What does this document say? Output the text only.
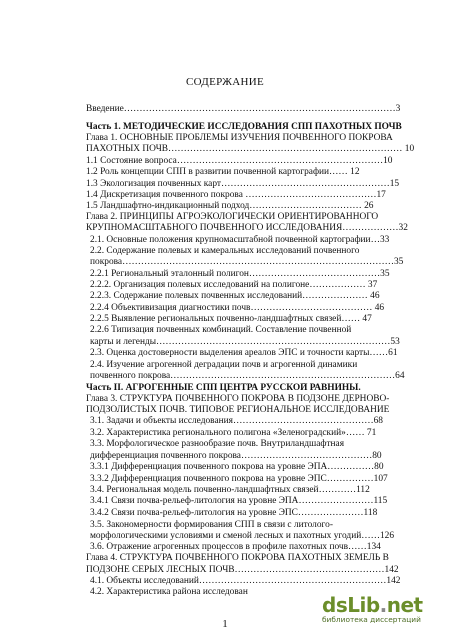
СОДЕРЖАНИЕ
Введение……………………………………………………………………………3
Часть 1. МЕТОДИЧЕСКИЕ ИССЛЕДОВАНИЯ СПП ПАХОТНЫХ ПОЧВ
Глава 1. ОСНОВНЫЕ ПРОБЛЕМЫ ИЗУЧЕНИЯ ПОЧВЕННОГО ПОКРОВА
ПАХОТНЫХ ПОЧВ………………………………………………………………… 10
1.1 Состояние вопроса…………………………………………………………10
1.2 Роль концепции СПП в развитии почвенной картографии…… 12
1.3 Экологизация почвенных карт………………………………………………15
1.4 Дискретизация почвенного покрова ……………………………………17
1.5 Ландшафтно-индикационный подход……………………………… 26
Глава 2. ПРИНЦИПЫ АГРОЭКОЛОГИЧЕСКИ ОРИЕНТИРОВАННОГО
КРУПНОМАСШТАБНОГО ПОЧВЕННОГО ИССЛЕДОВАНИЯ………………32
2.1. Основные положения крупномасштабной почвенной картографии…33
2.2. Содержание полевых и камеральных исследований почвенного
покрова……………………………………………………………………………35
2.2.1 Региональный эталонный полигон……………………………………35
2.2.2. Организация полевых исследований на полигоне……………… 37
2.2.3. Содержание полевых почвенных исследований………………… 46
2.2.4 Объективизация диагностики почв………………………………… 46
2.2.5 Выявление региональных почвенно-ландшафтных связей…… 47
2.2.6 Типизация почвенных комбинаций. Составление почвенной
карты и легенды…………………………………………………………………53
2.3. Оценка достоверности выделения ареалов ЭПС и точности карты……61
2.4. Изучение агрогенной деградации почв и агрогенной динамики
почвенного покрова………………………………………………………………64
Часть II. АГРОГЕННЫЕ СПП ЦЕНТРА РУССКОЙ РАВНИНЫ.
Глава 3. СТРУКТУРА ПОЧВЕННОГО ПОКРОВА В ПОДЗОНЕ ДЕРНОВО-
ПОДЗОЛИСТЫХ ПОЧВ. ТИПОВОЕ РЕГИОНАЛЬНОЕ ИССЛЕДОВАНИЕ
3.1. Задачи и объекты исследования………………………………………68
3.2. Характеристика регионального полигона «Зеленоградский»…… 71
3.3. Морфологическое разнообразие почв. Внутриландшафтная
дифференциация почвенного покрова……………………………………80
3.3.1 Дифференциация почвенного покрова на уровне ЭПА……………80
3.3.2 Дифференциация почвенного покрова на уровне ЭПС……………107
3.4. Региональная модель почвенно-ландшафтных связей…………112
3.4.1 Связи почва-рельеф-литология на уровне ЭПА……………………115
3.4.2 Связи почва-рельеф-литология на уровне ЭПС…………………118
3.5. Закономерности формирования СПП в связи с литолого-
морфологическими условиями и сменой лесных и пахотных угодий……126
3.6. Отражение агрогенных процессов в профиле пахотных почв……134
Глава 4. СТРУКТУРА ПОЧВЕННОГО ПОКРОВА ПАХОТНЫХ ЗЕМЕЛЬ В
ПОДЗОНЕ СЕРЫХ ЛЕСНЫХ ПОЧВ…………………………………………142
4.1. Объекты исследований……………………………………………………142
4.2. Характеристика района исследован
1
dsLib.net
библиотека диссертаций
